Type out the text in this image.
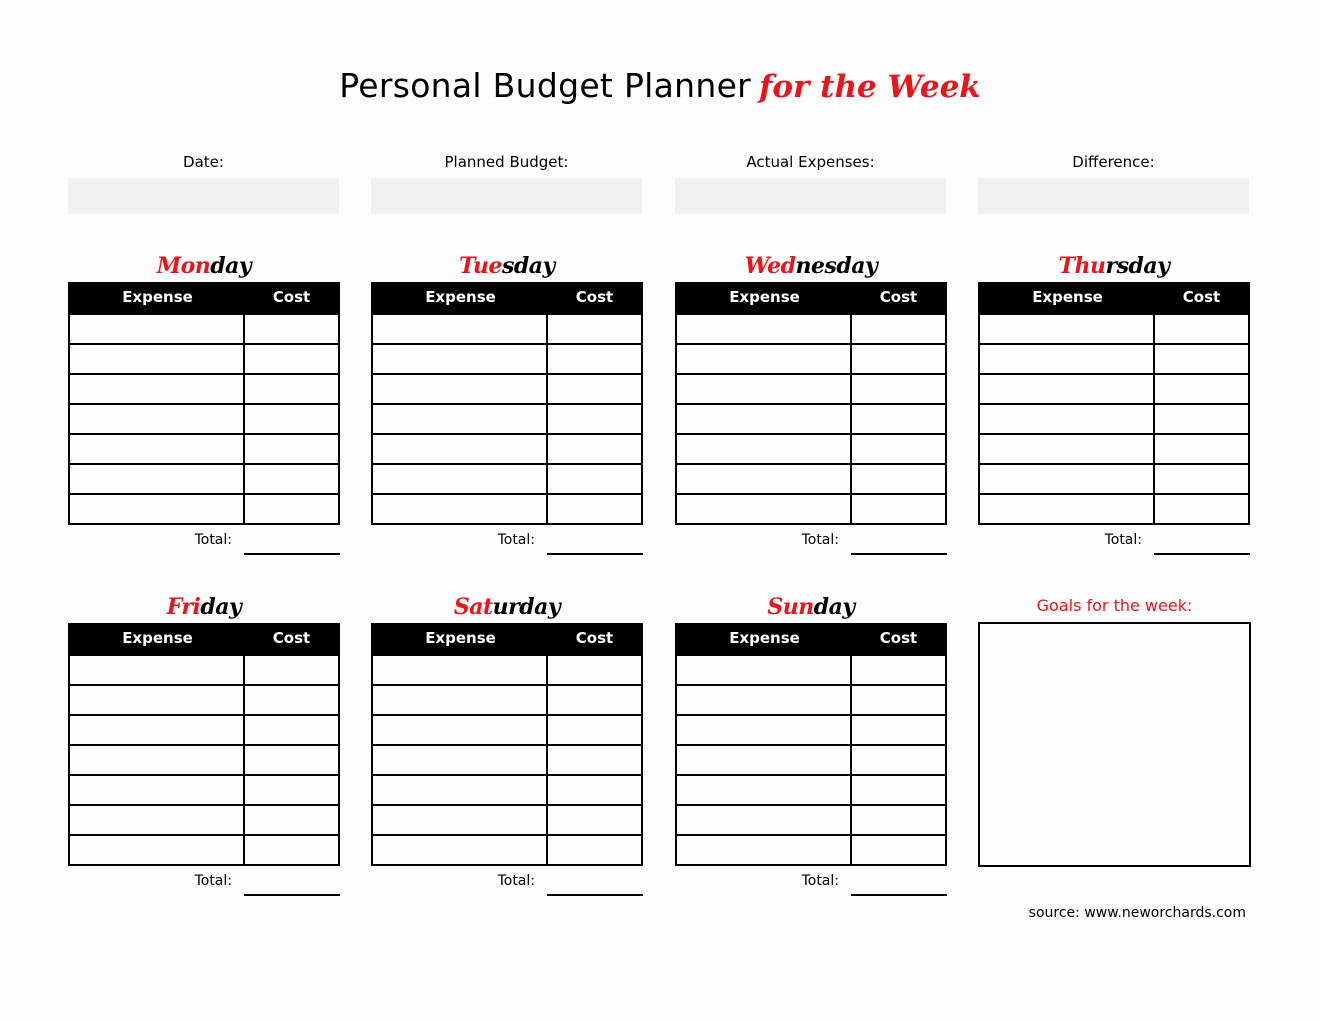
Personal Budget Planner for the Week
Date:	Planned Budget:	Actual Expenses:	Difference:
Monday
Expense	Cost
Total:
Tuesday
Expense	Cost
Total:
Wednesday
Expense	Cost
Total:
Thursday
Expense	Cost
Total:
Friday
Expense	Cost
Total:
Saturday
Expense	Cost
Total:
Sunday
Expense	Cost
Total:
Goals for the week:
source: www.neworchards.com
